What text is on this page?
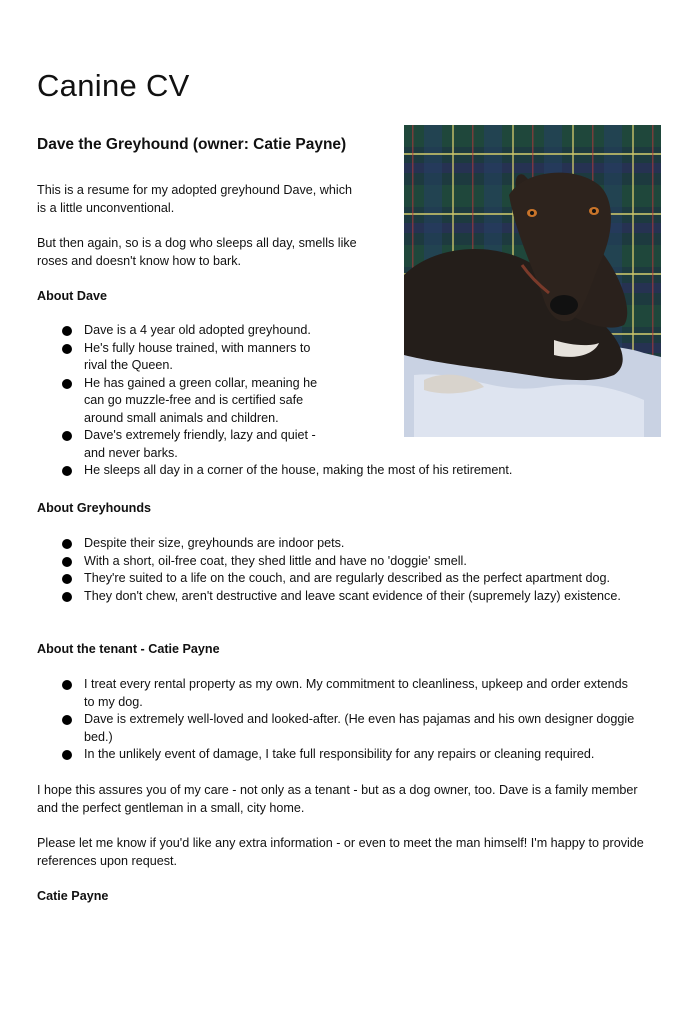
Canine CV
Dave the Greyhound (owner: Catie Payne)

This is a resume for my adopted greyhound Dave, which is a little unconventional.

But then again, so is a dog who sleeps all day, smells like roses and doesn't know how to bark.

About Dave
Dave is a 4 year old adopted greyhound.
He's fully house trained, with manners to rival the Queen.
He has gained a green collar, meaning he can go muzzle-free and is certified safe around small animals and children.
Dave's extremely friendly, lazy and quiet - and never barks.
He sleeps all day in a corner of the house, making the most of his retirement.
About Greyhounds
Despite their size, greyhounds are indoor pets.
With a short, oil-free coat, they shed little and have no 'doggie' smell.
They're suited to a life on the couch, and are regularly described as the perfect apartment dog.
They don't chew, aren't destructive and leave scant evidence of their (supremely lazy) existence.
About the tenant - Catie Payne
I treat every rental property as my own. My commitment to cleanliness, upkeep and order extends to my dog.
Dave is extremely well-loved and looked-after. (He even has pajamas and his own designer doggie bed.)
In the unlikely event of damage, I take full responsibility for any repairs or cleaning required.

I hope this assures you of my care - not only as a tenant - but as a dog owner, too. Dave is a family member and the perfect gentleman in a small, city home.

Please let me know if you'd like any extra information - or even to meet the man himself! I'm happy to provide references upon request.

Catie Payne
